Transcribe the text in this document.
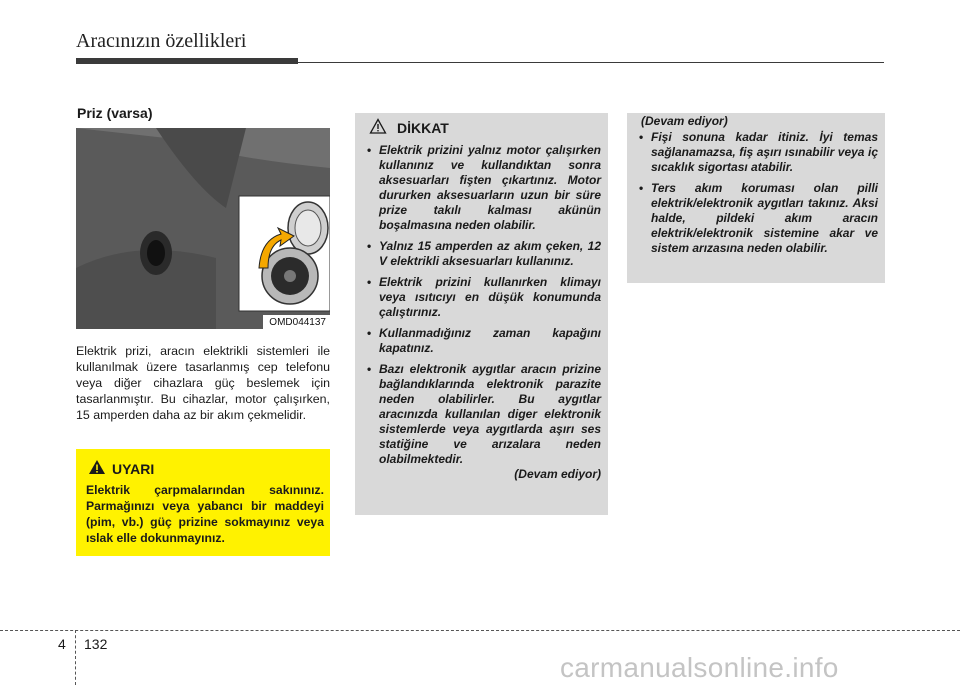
Aracınızın özellikleri
Priz (varsa)
OMD044137
Elektrik prizi, aracın elektrikli sistemleri ile kullanılmak üzere tasarlanmış cep telefonu veya diğer cihazlara güç beslemek için tasarlanmıştır. Bu cihazlar, motor çalışırken, 15 amperden daha az bir akım çekmelidir.
UYARI
Elektrik çarpmalarından sakınınız. Parmağınızı veya yabancı bir maddeyi (pim, vb.) güç prizine sokmayınız veya ıslak elle dokunmayınız.
DİKKAT
• Elektrik prizini yalnız motor çalışırken kullanınız ve kullandıktan sonra aksesuarları fişten çıkartınız. Motor dururken aksesuarların uzun bir süre prize takılı kalması akünün boşalmasına neden olabilir.
• Yalnız 15 amperden az akım çeken, 12 V elektrikli aksesuarları kullanınız.
• Elektrik prizini kullanırken klimayı veya ısıtıcıyı en düşük konumunda çalıştırınız.
• Kullanmadığınız zaman kapağını kapatınız.
• Bazı elektronik aygıtlar aracın prizine bağlandıklarında elektronik parazite neden olabilirler. Bu aygıtlar aracınızda kullanılan diger elektronik sistemlerde veya aygıtlarda aşırı ses statiğine ve arızalara neden olabilmektedir.
(Devam ediyor)
(Devam ediyor)
• Fişi sonuna kadar itiniz. İyi temas sağlanamazsa, fiş aşırı ısınabilir veya iç sıcaklık sigortası atabilir.
• Ters akım koruması olan pilli elektrik/elektronik aygıtları takınız. Aksi halde, pildeki akım aracın elektrik/elektronik sistemine akar ve sistem arızasına neden olabilir.
4 132
carmanualsonline.info
